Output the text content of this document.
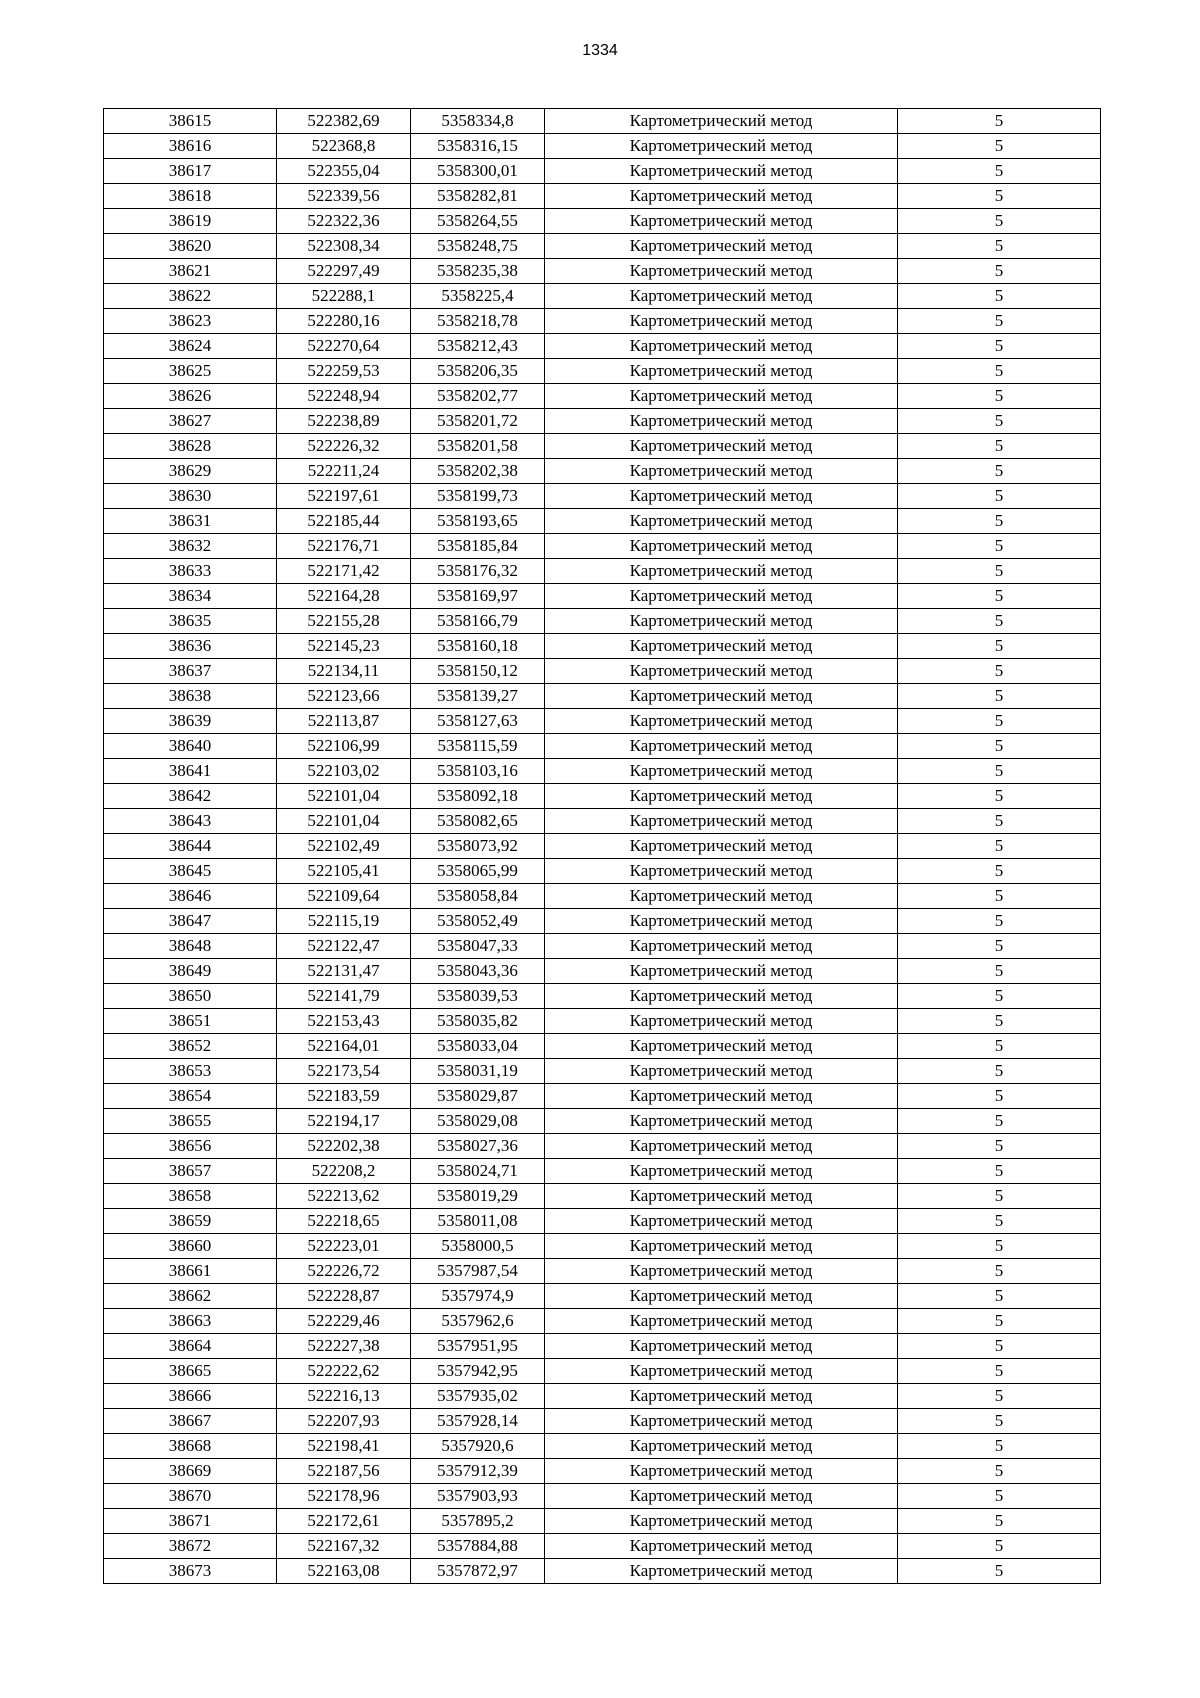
1334
38615	522382,69	5358334,8	Картометрический метод	5
38616	522368,8	5358316,15	Картометрический метод	5
38617	522355,04	5358300,01	Картометрический метод	5
38618	522339,56	5358282,81	Картометрический метод	5
38619	522322,36	5358264,55	Картометрический метод	5
38620	522308,34	5358248,75	Картометрический метод	5
38621	522297,49	5358235,38	Картометрический метод	5
38622	522288,1	5358225,4	Картометрический метод	5
38623	522280,16	5358218,78	Картометрический метод	5
38624	522270,64	5358212,43	Картометрический метод	5
38625	522259,53	5358206,35	Картометрический метод	5
38626	522248,94	5358202,77	Картометрический метод	5
38627	522238,89	5358201,72	Картометрический метод	5
38628	522226,32	5358201,58	Картометрический метод	5
38629	522211,24	5358202,38	Картометрический метод	5
38630	522197,61	5358199,73	Картометрический метод	5
38631	522185,44	5358193,65	Картометрический метод	5
38632	522176,71	5358185,84	Картометрический метод	5
38633	522171,42	5358176,32	Картометрический метод	5
38634	522164,28	5358169,97	Картометрический метод	5
38635	522155,28	5358166,79	Картометрический метод	5
38636	522145,23	5358160,18	Картометрический метод	5
38637	522134,11	5358150,12	Картометрический метод	5
38638	522123,66	5358139,27	Картометрический метод	5
38639	522113,87	5358127,63	Картометрический метод	5
38640	522106,99	5358115,59	Картометрический метод	5
38641	522103,02	5358103,16	Картометрический метод	5
38642	522101,04	5358092,18	Картометрический метод	5
38643	522101,04	5358082,65	Картометрический метод	5
38644	522102,49	5358073,92	Картометрический метод	5
38645	522105,41	5358065,99	Картометрический метод	5
38646	522109,64	5358058,84	Картометрический метод	5
38647	522115,19	5358052,49	Картометрический метод	5
38648	522122,47	5358047,33	Картометрический метод	5
38649	522131,47	5358043,36	Картометрический метод	5
38650	522141,79	5358039,53	Картометрический метод	5
38651	522153,43	5358035,82	Картометрический метод	5
38652	522164,01	5358033,04	Картометрический метод	5
38653	522173,54	5358031,19	Картометрический метод	5
38654	522183,59	5358029,87	Картометрический метод	5
38655	522194,17	5358029,08	Картометрический метод	5
38656	522202,38	5358027,36	Картометрический метод	5
38657	522208,2	5358024,71	Картометрический метод	5
38658	522213,62	5358019,29	Картометрический метод	5
38659	522218,65	5358011,08	Картометрический метод	5
38660	522223,01	5358000,5	Картометрический метод	5
38661	522226,72	5357987,54	Картометрический метод	5
38662	522228,87	5357974,9	Картометрический метод	5
38663	522229,46	5357962,6	Картометрический метод	5
38664	522227,38	5357951,95	Картометрический метод	5
38665	522222,62	5357942,95	Картометрический метод	5
38666	522216,13	5357935,02	Картометрический метод	5
38667	522207,93	5357928,14	Картометрический метод	5
38668	522198,41	5357920,6	Картометрический метод	5
38669	522187,56	5357912,39	Картометрический метод	5
38670	522178,96	5357903,93	Картометрический метод	5
38671	522172,61	5357895,2	Картометрический метод	5
38672	522167,32	5357884,88	Картометрический метод	5
38673	522163,08	5357872,97	Картометрический метод	5
